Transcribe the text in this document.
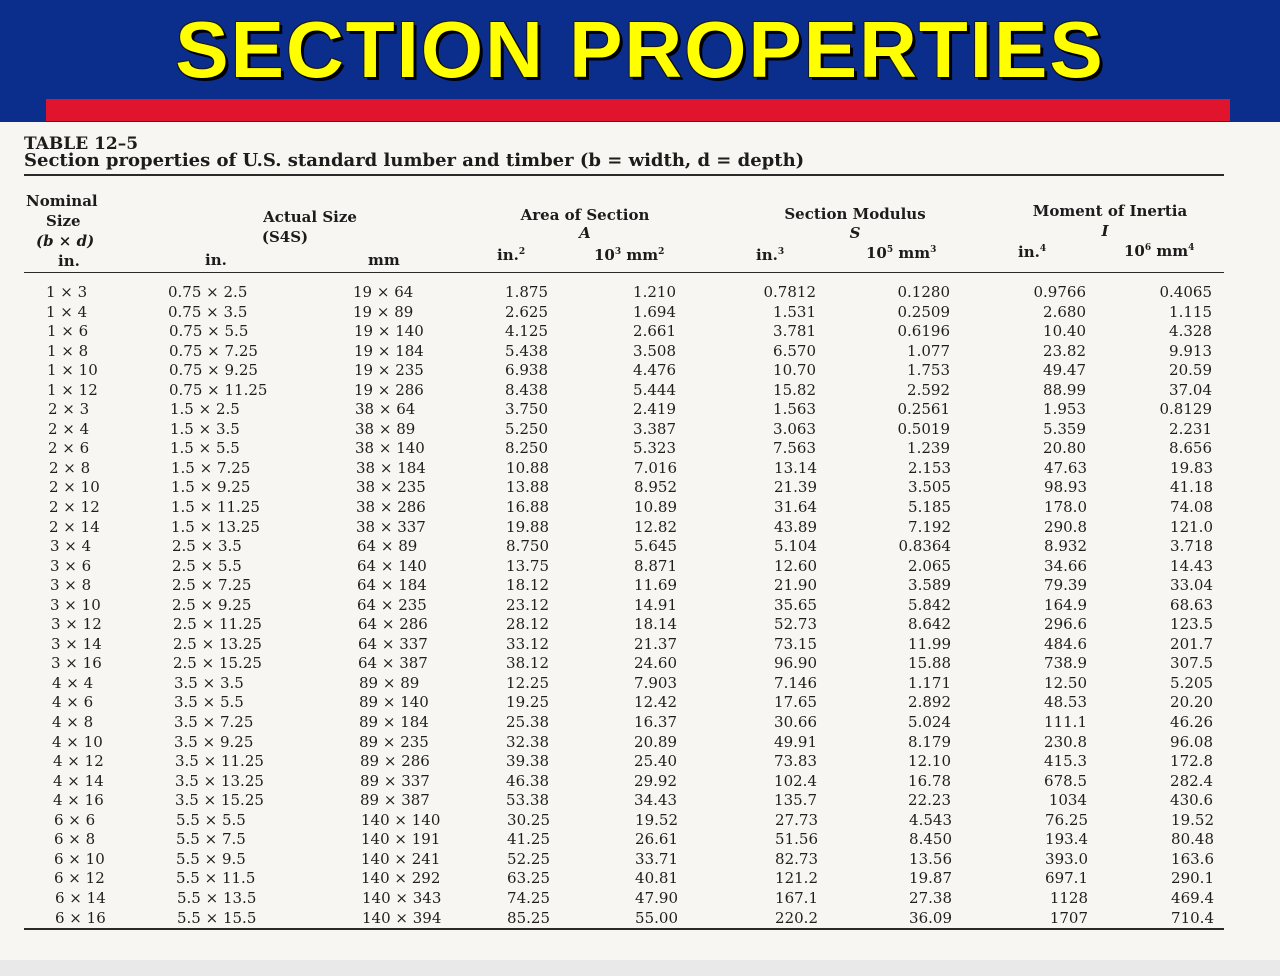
SECTION PROPERTIES
TABLE 12–5
Section properties of U.S. standard lumber and timber (b = width, d = depth)
Nominal
Size
(b × d)
in.
Actual Size
(S4S)
in.	mm
Area of Section
A
in.$^2$	$10^3$ $mm^2$
Section Modulus
S
in.$^3$	$10^5$ $mm^3$
Moment of Inertia
I
in.$^4$	$10^6$ $mm^4$
1 × 3	0.75 × 2.5	19 × 64	1.875	1.210	0.7812	0.1280	0.9766	0.4065
1 × 4	0.75 × 3.5	19 × 89	2.625	1.694	1.531	0.2509	2.680	1.115
1 × 6	0.75 × 5.5	19 × 140	4.125	2.661	3.781	0.6196	10.40	4.328
1 × 8	0.75 × 7.25	19 × 184	5.438	3.508	6.570	1.077	23.82	9.913
1 × 10	0.75 × 9.25	19 × 235	6.938	4.476	10.70	1.753	49.47	20.59
1 × 12	0.75 × 11.25	19 × 286	8.438	5.444	15.82	2.592	88.99	37.04
2 × 3	1.5 × 2.5	38 × 64	3.750	2.419	1.563	0.2561	1.953	0.8129
2 × 4	1.5 × 3.5	38 × 89	5.250	3.387	3.063	0.5019	5.359	2.231
2 × 6	1.5 × 5.5	38 × 140	8.250	5.323	7.563	1.239	20.80	8.656
2 × 8	1.5 × 7.25	38 × 184	10.88	7.016	13.14	2.153	47.63	19.83
2 × 10	1.5 × 9.25	38 × 235	13.88	8.952	21.39	3.505	98.93	41.18
2 × 12	1.5 × 11.25	38 × 286	16.88	10.89	31.64	5.185	178.0	74.08
2 × 14	1.5 × 13.25	38 × 337	19.88	12.82	43.89	7.192	290.8	121.0
3 × 4	2.5 × 3.5	64 × 89	8.750	5.645	5.104	0.8364	8.932	3.718
3 × 6	2.5 × 5.5	64 × 140	13.75	8.871	12.60	2.065	34.66	14.43
3 × 8	2.5 × 7.25	64 × 184	18.12	11.69	21.90	3.589	79.39	33.04
3 × 10	2.5 × 9.25	64 × 235	23.12	14.91	35.65	5.842	164.9	68.63
3 × 12	2.5 × 11.25	64 × 286	28.12	18.14	52.73	8.642	296.6	123.5
3 × 14	2.5 × 13.25	64 × 337	33.12	21.37	73.15	11.99	484.6	201.7
3 × 16	2.5 × 15.25	64 × 387	38.12	24.60	96.90	15.88	738.9	307.5
4 × 4	3.5 × 3.5	89 × 89	12.25	7.903	7.146	1.171	12.50	5.205
4 × 6	3.5 × 5.5	89 × 140	19.25	12.42	17.65	2.892	48.53	20.20
4 × 8	3.5 × 7.25	89 × 184	25.38	16.37	30.66	5.024	111.1	46.26
4 × 10	3.5 × 9.25	89 × 235	32.38	20.89	49.91	8.179	230.8	96.08
4 × 12	3.5 × 11.25	89 × 286	39.38	25.40	73.83	12.10	415.3	172.8
4 × 14	3.5 × 13.25	89 × 337	46.38	29.92	102.4	16.78	678.5	282.4
4 × 16	3.5 × 15.25	89 × 387	53.38	34.43	135.7	22.23	1034	430.6
6 × 6	5.5 × 5.5	140 × 140	30.25	19.52	27.73	4.543	76.25	19.52
6 × 8	5.5 × 7.5	140 × 191	41.25	26.61	51.56	8.450	193.4	80.48
6 × 10	5.5 × 9.5	140 × 241	52.25	33.71	82.73	13.56	393.0	163.6
6 × 12	5.5 × 11.5	140 × 292	63.25	40.81	121.2	19.87	697.1	290.1
6 × 14	5.5 × 13.5	140 × 343	74.25	47.90	167.1	27.38	1128	469.4
6 × 16	5.5 × 15.5	140 × 394	85.25	55.00	220.2	36.09	1707	710.4
